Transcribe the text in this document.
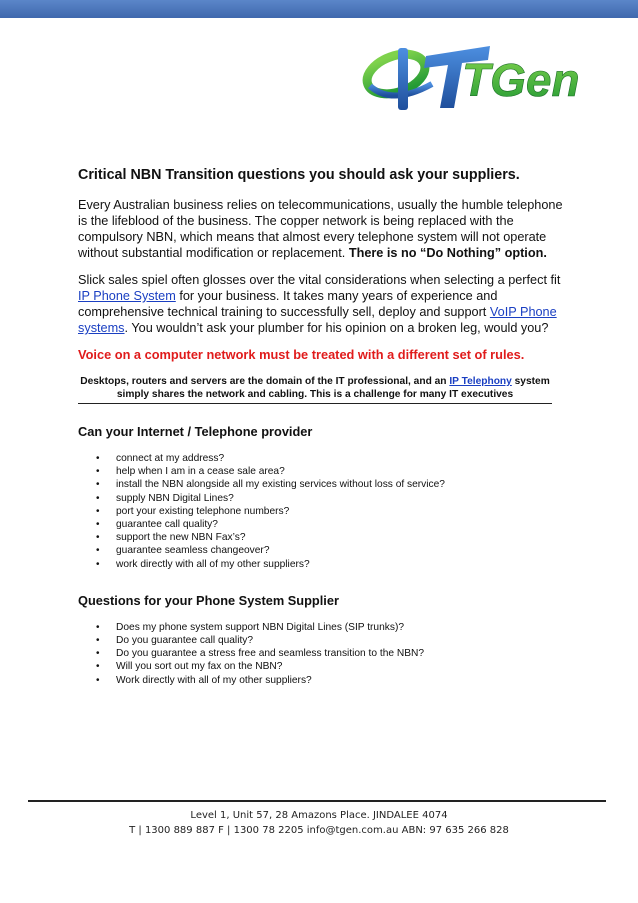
TGen
Critical NBN Transition questions you should ask your suppliers.

Every Australian business relies on telecommunications, usually the humble telephone is the lifeblood of the business. The copper network is being replaced with the compulsory NBN, which means that almost every telephone system will not operate without substantial modification or replacement. There is no “Do Nothing” option.

Slick sales spiel often glosses over the vital considerations when selecting a perfect fit IP Phone System for your business. It takes many years of experience and comprehensive technical training to successfully sell, deploy and support VoIP Phone systems. You wouldn’t ask your plumber for his opinion on a broken leg, would you?

Voice on a computer network must be treated with a different set of rules.
Desktops, routers and servers are the domain of the IT professional, and an IP Telephony system simply shares the network and cabling. This is a challenge for many IT executives
Can your Internet / Telephone provider
• connect at my address?
• help when I am in a cease sale area?
• install the NBN alongside all my existing services without loss of service?
• supply NBN Digital Lines?
• port your existing telephone numbers?
• guarantee call quality?
• support the new NBN Fax’s?
• guarantee seamless changeover?
• work directly with all of my other suppliers?
Questions for your Phone System Supplier
• Does my phone system support NBN Digital Lines (SIP trunks)?
• Do you guarantee call quality?
• Do you guarantee a stress free and seamless transition to the NBN?
• Will you sort out my fax on the NBN?
• Work directly with all of my other suppliers?
Level 1, Unit 57, 28 Amazons Place. JINDALEE 4074
T | 1300 889 887 F | 1300 78 2205 info@tgen.com.au ABN: 97 635 266 828
